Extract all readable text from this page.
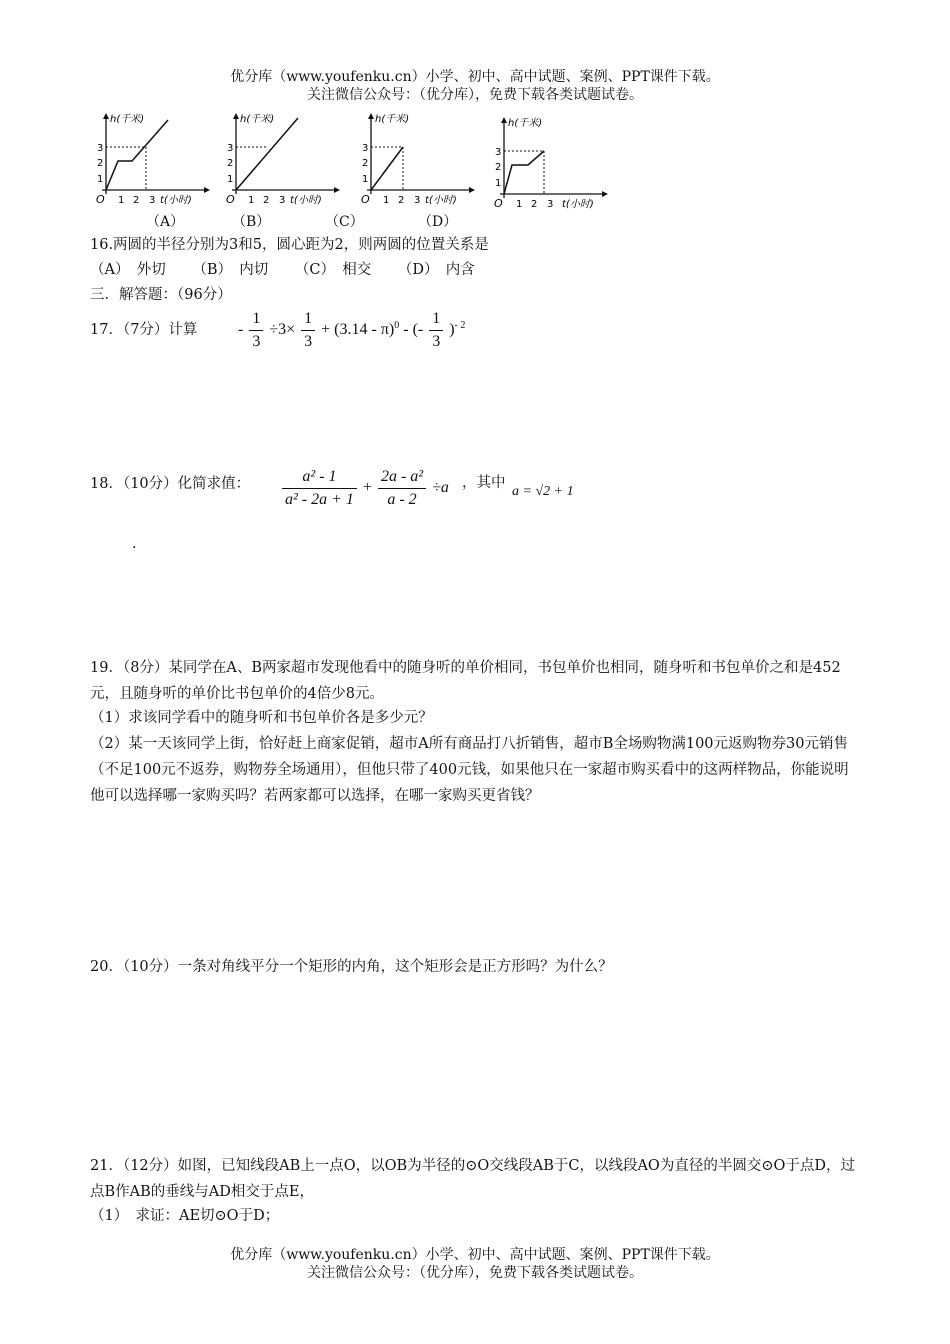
优分库（www.youfenku.cn）小学、初中、高中试题、案例、PPT课件下载。
关注微信公众号：（优分库），免费下载各类试题试卷。
h(千米)
3
2
1
O 1 2 3 t(小时)
h(千米)
3
2
1
O 1 2 3 t(小时)
h(千米)
3
2
1
O 1 2 3 t(小时)
h(千米)
3
2
1
O 1 2 3 t(小时)
（A）	（B）	（C）	（D）
16.两圆的半径分别为3和5，圆心距为2，则两圆的位置关系是
（A）　外切 （B）　内切 （C）　相交 （D）　内含
三．解答题：（96分）
17．（7分）计算	- $\frac{1}{3} \div 3\times \frac{1}{3} + (3.14 - \pi)^0$ - (- $\frac{1}{3} )^{- 2}$
18．（10分）化简求值： $\frac{\text{a² - 1}}{\text{a² - 2a + 1}} + \frac{\text{2a - a²}}{a - 2} \div a$ ，其中
a = √2 + 1
.
19．（8分）某同学在A、B两家超市发现他看中的随身听的单价相同，书包单价也相同，随身听和书包单价之和是452元，且随身听的单价比书包单价的4倍少8元。
（1）求该同学看中的随身听和书包单价各是多少元？
（2）某一天该同学上街，恰好赶上商家促销，超市A所有商品打八折销售，超市B全场购物满100元返购物券30元销售（不足100元不返券，购物券全场通用），但他只带了400元钱，如果他只在一家超市购买看中的这两样物品，你能说明他可以选择哪一家购买吗？若两家都可以选择，在哪一家购买更省钱？
20．（10分）一条对角线平分一个矩形的内角，这个矩形会是正方形吗？为什么？
21．（12分）如图，已知线段AB上一点O，以OB为半径的⊙O交线段AB于C，以线段AO为直径的半圆交⊙O于点D，过点B作AB的垂线与AD相交于点E，
（1）　求证：AE切⊙O于D；
优分库（www.youfenku.cn）小学、初中、高中试题、案例、PPT课件下载。
关注微信公众号：（优分库），免费下载各类试题试卷。
